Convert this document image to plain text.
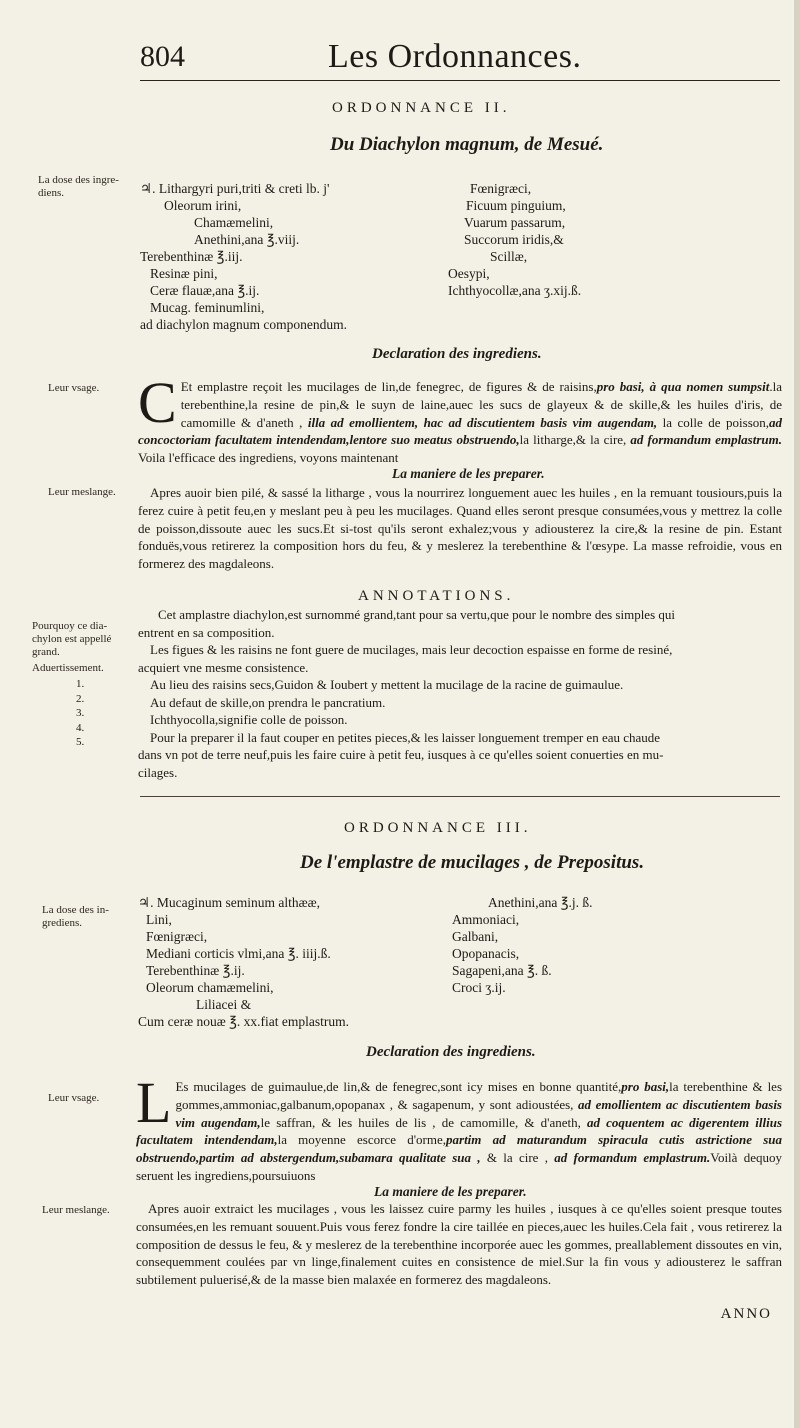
804	Les Ordonnances.
ORDONNANCE II.
Du Diachylon magnum, de Mesué.
La dose des ingre-
diens.	♃. Lithargyri puri,triti & creti lb. j'
Oleorum irini,
Chamæmelini,
Anethini,ana ℥.viij.
Terebenthinæ ℥.iij.
Resinæ pini,
Ceræ flauæ,ana ℥.ij.
Mucag. feminumlini,
ad diachylon magnum componendum.
Fœnigræci,
Ficuum pinguium,
Vuarum passarum,
Succorum iridis,&
Scillæ,
Oesypi,
Ichthyocollæ,ana ʒ.xij.ß.
Declaration des ingrediens.
Leur vsage. C Et emplastre reçoit les mucilages de lin,de fenegrec, de figures & de raisins,pro basi, à qua nomen sumpsit.la terebenthine,la resine de pin,& le suyn de laine,auec les sucs de glayeux & de skille,& les huiles d'iris, de camomille & d'aneth , illa ad emollientem, hac ad discutientem basis vim augendam, la colle de poisson,ad concoctoriam facultatem intendendam,lentore suo meatus obstruendo,la litharge,& la cire, ad formandum emplastrum. Voila l'efficace des ingrediens, voyons maintenant
La maniere de les preparer.
Leur meslange.	Apres auoir bien pilé, & sassé la litharge , vous la nourrirez longuement auec les huiles , en la remuant tousiours,puis la ferez cuire à petit feu,en y meslant peu à peu les mucilages. Quand elles seront presque consumées,vous y mettrez la colle de poisson,dissoute auec les sucs.Et si-tost qu'ils seront exhalez;vous y adiousterez la cire,& la resine de pin. Estant fonduës,vous retirerez la composition hors du feu, & y meslerez la terebenthine & l'œsype. La masse refroidie, vous en formerez des magdaleons.
ANNOTATIONS.
Pourquoy ce dia-
chylon est appellé
grand.
Aduertissement.
1.
2.
3.
4.
5.
Cet amplastre diachylon,est surnommé grand,tant pour sa vertu,que pour le nombre des simples qui
entrent en sa composition.
Les figues & les raisins ne font guere de mucilages, mais leur decoction espaisse en forme de resiné,
acquiert vne mesme consistence.
Au lieu des raisins secs,Guidon & Ioubert y mettent la mucilage de la racine de guimaulue.
Au defaut de skille,on prendra le pancratium.
Ichthyocolla,signifie colle de poisson.
Pour la preparer il la faut couper en petites pieces,& les laisser longuement tremper en eau chaude
dans vn pot de terre neuf,puis les faire cuire à petit feu, iusques à ce qu'elles soient conuerties en mu-
cilages.
ORDONNANCE III.
De l'emplastre de mucilages , de Prepositus.
La dose des in-
grediens.
♃. Mucaginum seminum althææ,
Lini,
Fœnigræci,
Mediani corticis vlmi,ana ℥. iiij.ß.
Terebenthinæ ℥.ij.
Oleorum chamæmelini,
Liliacei &
Cum ceræ nouæ ℥. xx.fiat emplastrum.
Anethini,ana ℥.j. ß.
Ammoniaci,
Galbani,
Opopanacis,
Sagapeni,ana ℥. ß.
Croci ʒ.ij.
Declaration des ingrediens.
Leur vsage. L Es mucilages de guimaulue,de lin,& de fenegrec,sont icy mises en bonne quantité,pro basi,la terebenthine & les gommes,ammoniac,galbanum,opopanax , & sagapenum, y sont adioustées, ad emollientem ac discutientem basis vim augendam,le saffran, & les huiles de lis , de camomille, & d'aneth, ad coquentem ac digerentem illius facultatem intendendam,la moyenne escorce d'orme,partim ad maturandum spiracula cutis astrictione sua obstruendo,partim ad abstergendum,subamara qualitate sua , & la cire , ad formandum emplastrum.Voilà dequoy seruent les ingrediens,poursuiuons
La maniere de les preparer.
Leur meslange.	Apres auoir extraict les mucilages , vous les laissez cuire parmy les huiles , iusques à ce qu'elles soient presque toutes consumées,en les remuant souuent.Puis vous ferez fondre la cire taillée en pieces,auec les huiles.Cela fait , vous retirerez la composition de dessus le feu, & y meslerez de la terebenthine incorporée auec les gommes, preallablement dissoutes en vin, consequemment coulées par vn linge,finalement cuites en consistence de miel.Sur la fin vous y adiousterez le saffran subtilement puluerisé,& de la masse bien malaxée en formerez des magdaleons.
ANNO
